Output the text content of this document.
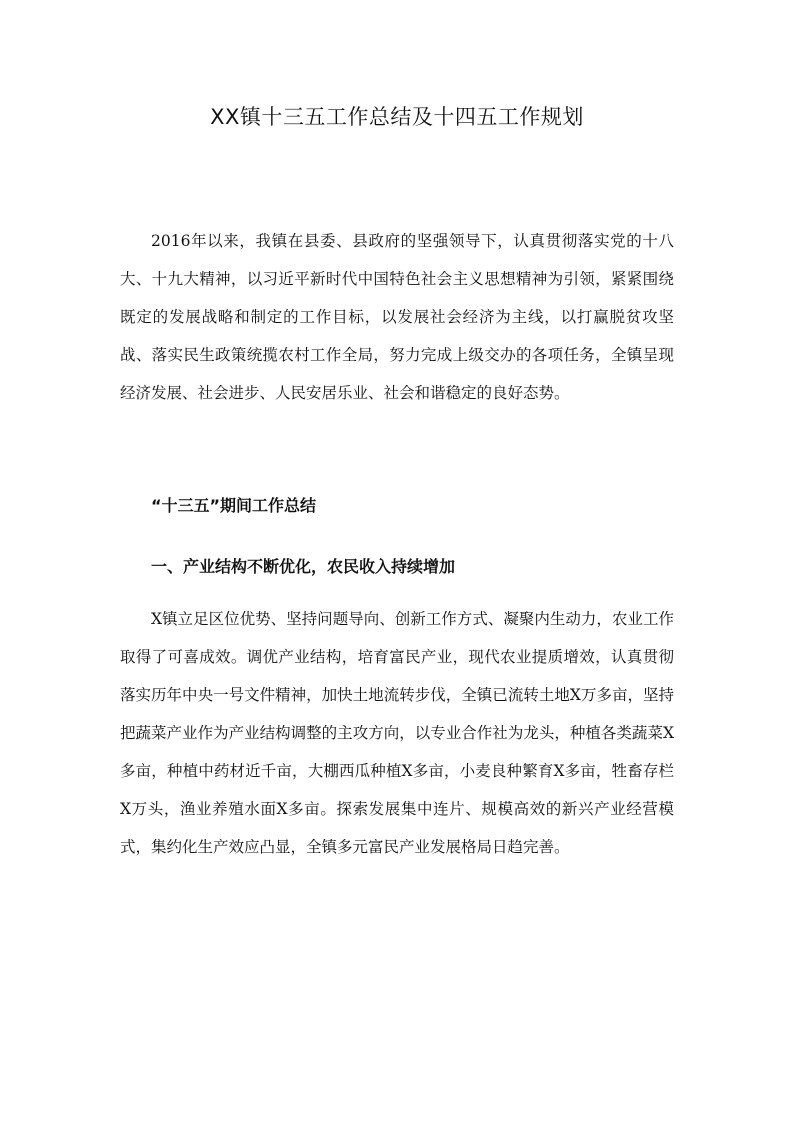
XX镇十三五工作总结及十四五工作规划

2016年以来，我镇在县委、县政府的坚强领导下，认真贯彻落实党的十八大、十九大精神，以习近平新时代中国特色社会主义思想精神为引领，紧紧围绕既定的发展战略和制定的工作目标，以发展社会经济为主线，以打赢脱贫攻坚战、落实民生政策统揽农村工作全局，努力完成上级交办的各项任务，全镇呈现经济发展、社会进步、人民安居乐业、社会和谐稳定的良好态势。

“十三五”期间工作总结
一、产业结构不断优化，农民收入持续增加

X镇立足区位优势、坚持问题导向、创新工作方式、凝聚内生动力，农业工作取得了可喜成效。调优产业结构，培育富民产业，现代农业提质增效，认真贯彻落实历年中央一号文件精神，加快土地流转步伐，全镇已流转土地X万多亩，坚持把蔬菜产业作为产业结构调整的主攻方向，以专业合作社为龙头，种植各类蔬菜X多亩，种植中药材近千亩，大棚西瓜种植X多亩，小麦良种繁育X多亩，牲畜存栏X万头，渔业养殖水面X多亩。探索发展集中连片、规模高效的新兴产业经营模式，集约化生产效应凸显，全镇多元富民产业发展格局日趋完善。
